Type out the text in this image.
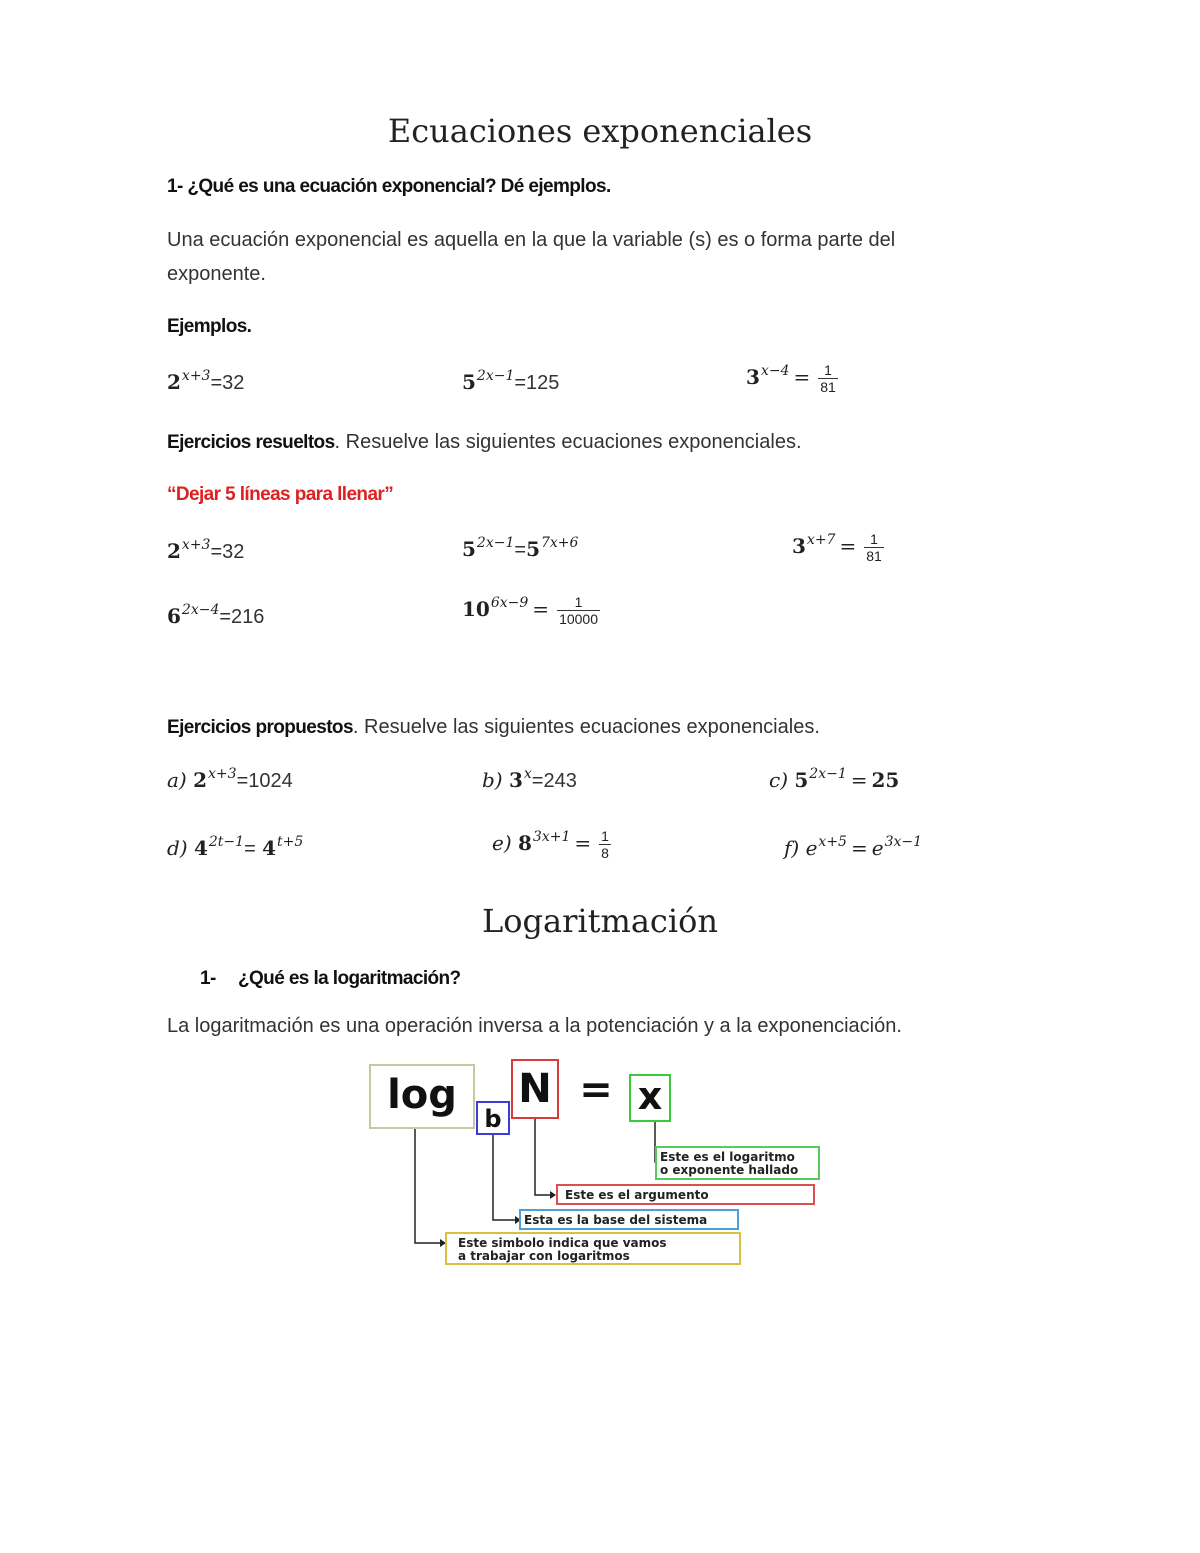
Ecuaciones exponenciales
1- ¿Qué es una ecuación exponencial? Dé ejemplos.
Una ecuación exponencial es aquella en la que la variable (s) es o forma parte del
exponente.
Ejemplos.
$2^{x+3}=32$	$5^{2x-1}=125$	$3^{x-4} = \frac{1}{81}$
Ejercicios resueltos. Resuelve las siguientes ecuaciones exponenciales.
“Dejar 5 líneas para llenar”
$2^{x+3}=32$	$5^{2x-1}=5^{7x+6}$	$3^{x+7} = \frac{1}{81}$
$6^{2x-4}=216$	$10^{6x-9} = \frac{1}{10000}$
Ejercicios propuestos. Resuelve las siguientes ecuaciones exponenciales.
a) $2^{x+3}=1024$	b) $3^x=243$	c) $5^{2x-1} = 25$
d) $4^{2t-1}= 4^{t+5}$	e) $8^{3x+1} = \frac{1}{8}$	f) $e^{x+5} = e^{3x-1}$
Logaritmación
1- ¿Qué es la logaritmación?
La logaritmación es una operación inversa a la potenciación y a la exponenciación.
log
b
N = x
Este es el logaritmo
o exponente hallado
Este es el argumento
Esta es la base del sistema
Este simbolo indica que vamos
a trabajar con logaritmos
